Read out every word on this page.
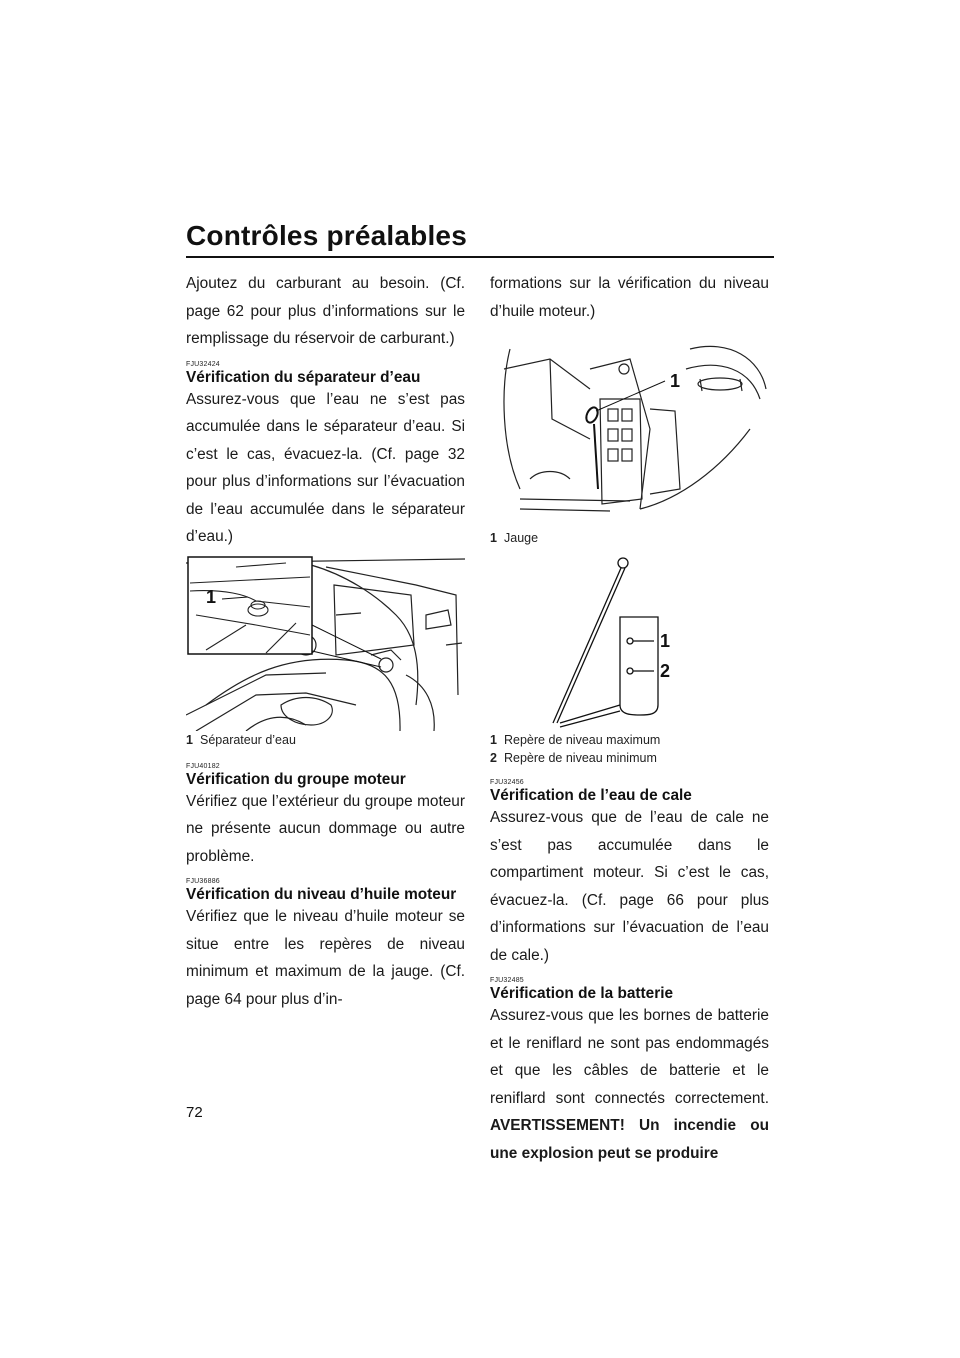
Contrôles préalables

Ajoutez du carburant au besoin. (Cf. page 62 pour plus d’informations sur le remplissage du réservoir de carburant.)

FJU32424
Vérification du séparateur d’eau

Assurez-vous que l’eau ne s’est pas accumulée dans le séparateur d’eau. Si c’est le cas, évacuez-la. (Cf. page 32 pour plus d’informations sur l’évacuation de l’eau accumulée dans le séparateur d’eau.)

1
1 Séparateur d’eau
FJU40182
Vérification du groupe moteur

Vérifiez que l’extérieur du groupe moteur ne présente aucun dommage ou autre problème.

FJU36886
Vérification du niveau d’huile moteur

Vérifiez que le niveau d’huile moteur se situe entre les repères de niveau minimum et maximum de la jauge. (Cf. page 64 pour plus d’in-

formations sur la vérification du niveau d’huile moteur.)

1
1 Jauge
1
2
1 Repère de niveau maximum
2 Repère de niveau minimum
FJU32456
Vérification de l’eau de cale

Assurez-vous que de l’eau de cale ne s’est pas accumulée dans le compartiment moteur. Si c’est le cas, évacuez-la. (Cf. page 66 pour plus d’informations sur l’évacuation de l’eau de cale.)

FJU32485
Vérification de la batterie

Assurez-vous que les bornes de batterie et le reniflard ne sont pas endommagés et que les câbles de batterie et le reniflard sont connectés correctement. AVERTISSEMENT! Un incendie ou une explosion peut se produire

72
